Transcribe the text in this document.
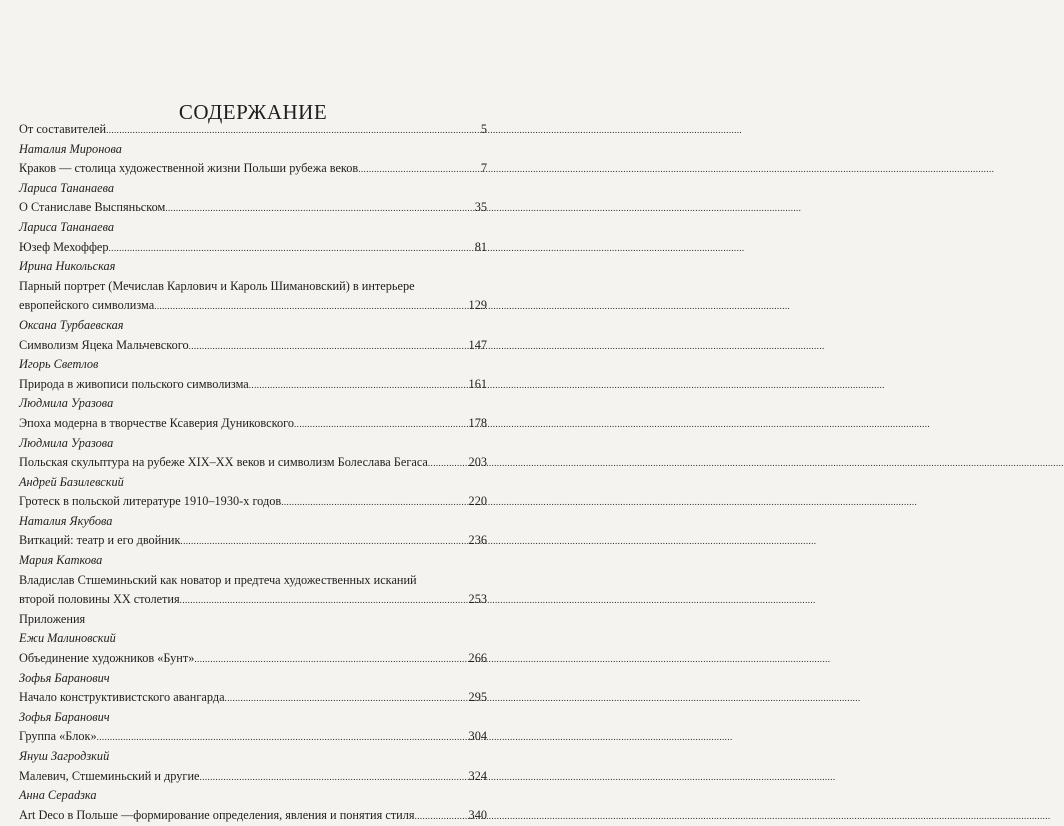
СОДЕРЖАНИЕ
От составителей .....	5
Наталия Миронова
Краков — столица художественной жизни Польши рубежа веков .....	7
Лариса Тананаева
О Станиславе Выспяньском .....	35
Лариса Тананаева
Юзеф Мехоффер .....	81
Ирина Никольская
Парный портрет (Мечислав Карлович и Кароль Шимановский) в интерьере
европейского символизма .....	129
Оксана Турбаевская
Символизм Яцека Мальчевского .....	147
Игорь Светлов
Природа в живописи польского символизма .....	161
Людмила Уразова
Эпоха модерна в творчестве Ксаверия Дуниковского .....	178
Людмила Уразова
Польская скульптура на рубеже XIX–XX веков и символизм Болеслава Бегаса .....	203
Андрей Базилевский
Гротеск в польской литературе 1910–1930-х годов .....	220
Наталия Якубова
Виткаций: театр и его двойник .....	236
Мария Каткова
Владислав Стшеминьский как новатор и предтеча художественных исканий
второй половины ХХ столетия .....	253
Приложения
Ежи Малиновский
Объединение художников «Бунт» .....	266
Зофья Баранович
Начало конструктивистского авангарда .....	295
Зофья Баранович
Группа «Блок» .....	304
Януш Загродзкий
Малевич, Стшеминьский и другие .....	324
Анна Сераdзка
Art Deco в Польше —формирование определения, явления и понятия стиля .....	340
